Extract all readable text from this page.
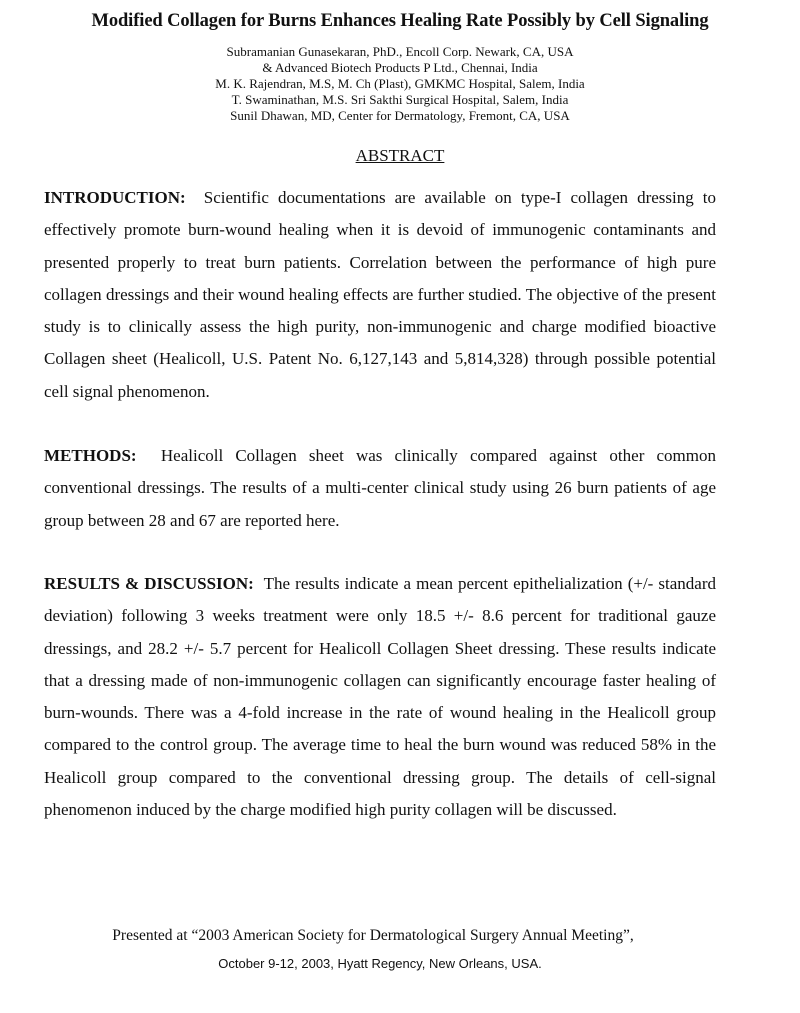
Modified Collagen for Burns Enhances Healing Rate Possibly by Cell Signaling
Subramanian Gunasekaran, PhD., Encoll Corp. Newark, CA, USA
& Advanced Biotech Products P Ltd., Chennai, India
M. K. Rajendran, M.S, M. Ch (Plast), GMKMC Hospital, Salem, India
T. Swaminathan, M.S. Sri Sakthi Surgical Hospital, Salem, India
Sunil Dhawan, MD, Center for Dermatology, Fremont, CA, USA
ABSTRACT
INTRODUCTION: Scientific documentations are available on type-I collagen dressing to effectively promote burn-wound healing when it is devoid of immunogenic contaminants and presented properly to treat burn patients. Correlation between the performance of high pure collagen dressings and their wound healing effects are further studied. The objective of the present study is to clinically assess the high purity, non-immunogenic and charge modified bioactive Collagen sheet (Healicoll, U.S. Patent No. 6,127,143 and 5,814,328) through possible potential cell signal phenomenon.
METHODS: Healicoll Collagen sheet was clinically compared against other common conventional dressings. The results of a multi-center clinical study using 26 burn patients of age group between 28 and 67 are reported here.
RESULTS & DISCUSSION: The results indicate a mean percent epithelialization (+/- standard deviation) following 3 weeks treatment were only 18.5 +/- 8.6 percent for traditional gauze dressings, and 28.2 +/- 5.7 percent for Healicoll Collagen Sheet dressing. These results indicate that a dressing made of non-immunogenic collagen can significantly encourage faster healing of burn-wounds. There was a 4-fold increase in the rate of wound healing in the Healicoll group compared to the control group. The average time to heal the burn wound was reduced 58% in the Healicoll group compared to the conventional dressing group. The details of cell-signal phenomenon induced by the charge modified high purity collagen will be discussed.
Presented at “2003 American Society for Dermatological Surgery Annual Meeting”,
October 9-12, 2003, Hyatt Regency, New Orleans, USA.
